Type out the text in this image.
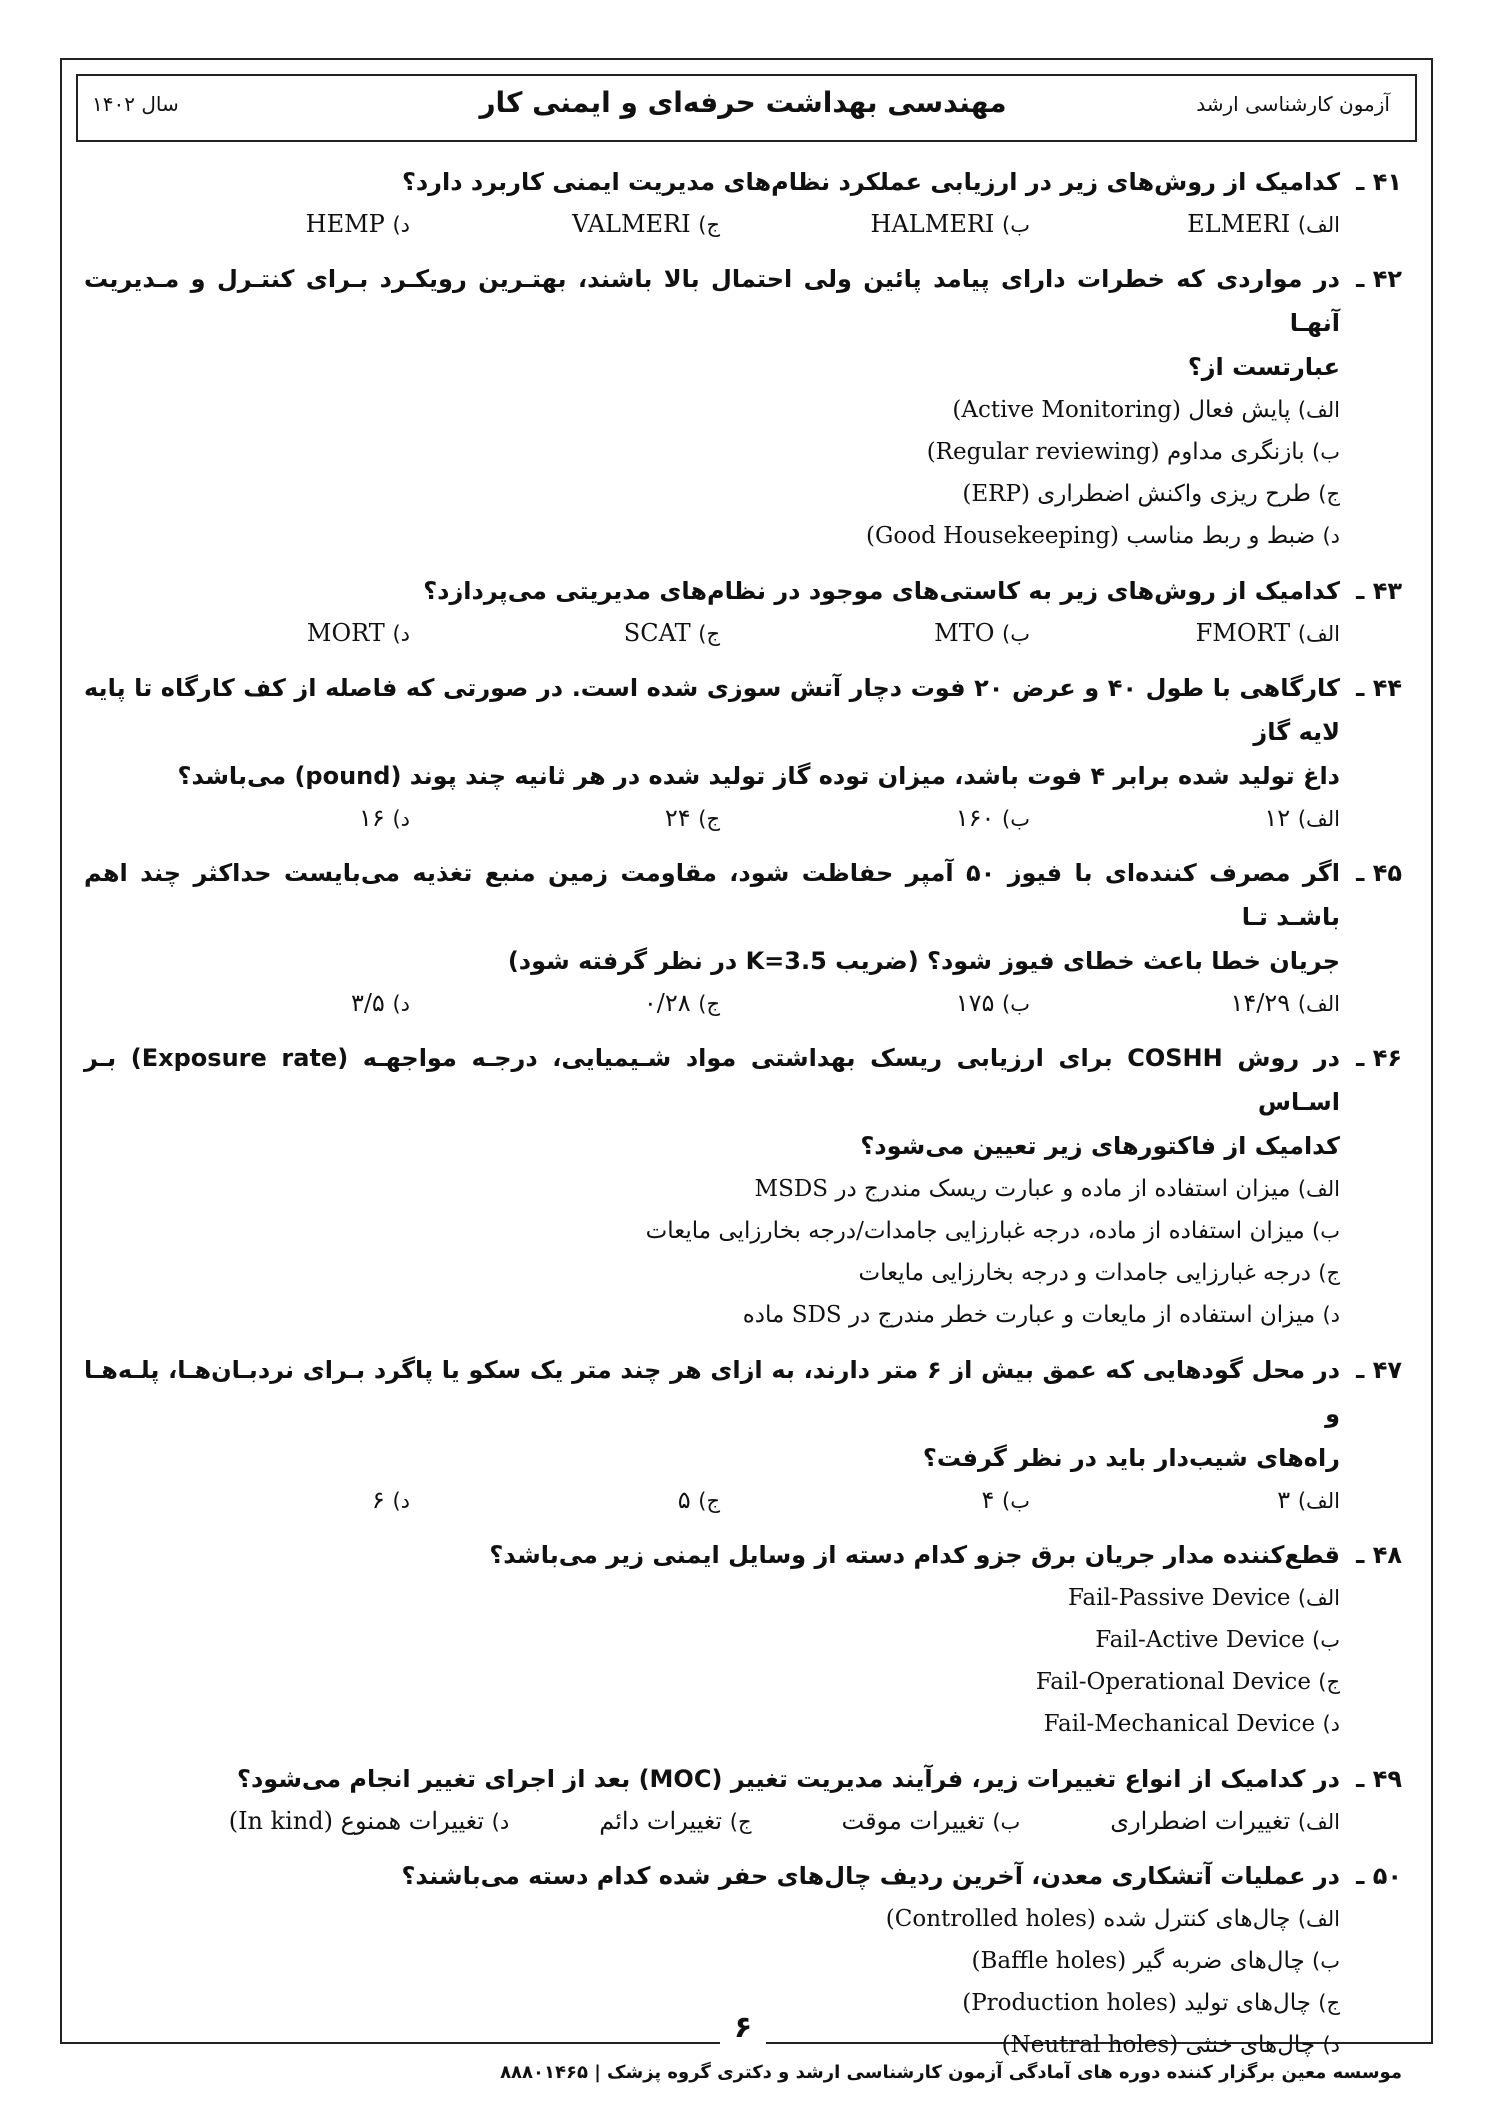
آزمون کارشناسی ارشد
مهندسی بهداشت حرفه‌ای و ایمنی کار
سال ۱۴۰۲
۴۱ ـ
کدامیک از روش‌های زیر در ارزیابی عملکرد نظام‌های مدیریت ایمنی کاربرد دارد؟
الف) ELMERI
ب) HALMERI
ج) VALMERI
د) HEMP
۴۲ ـ
در مواردی که خطرات دارای پیامد پائین ولی احتمال بالا باشند، بهتـرین رویکـرد بـرای کنتـرل و مـدیریت آنهـا
عبارتست از؟
الف) پایش فعال (Active Monitoring)
ب) بازنگری مداوم (Regular reviewing)
ج) طرح ریزی واکنش اضطراری (ERP)
د) ضبط و ربط مناسب (Good Housekeeping)
۴۳ ـ
کدامیک از روش‌های زیر به کاستی‌های موجود در نظام‌های مدیریتی می‌پردازد؟
الف) FMORT
ب) MTO
ج) SCAT
د) MORT
۴۴ ـ
کارگاهی با طول ۴۰ و عرض ۲۰ فوت دچار آتش سوزی شده است. در صورتی که فاصله از کف کارگاه تا پایه لایه گاز
داغ تولید شده برابر ۴ فوت باشد، میزان توده گاز تولید شده در هر ثانیه چند پوند (pound) می‌باشد؟
الف) ۱۲
ب) ۱۶۰
ج) ۲۴
د) ۱۶
۴۵ ـ
اگر مصرف کننده‌ای با فیوز ۵۰ آمپر حفاظت شود، مقاومت زمین منبع تغذیه می‌بایست حداکثر چند اهم باشـد تـا
جریان خطا باعث خطای فیوز شود؟ (ضریب K=3.5 در نظر گرفته شود)
الف) ۱۴/۲۹
ب) ۱۷۵
ج) ۰/۲۸
د) ۳/۵
۴۶ ـ
در روش COSHH برای ارزیابی ریسک بهداشتی مواد شـیمیایی، درجـه مواجهـه (Exposure rate) بـر اسـاس
کدامیک از فاکتورهای زیر تعیین می‌شود؟
الف) میزان استفاده از ماده و عبارت ریسک مندرج در MSDS
ب) میزان استفاده از ماده، درجه غبارزایی جامدات/درجه بخارزایی مایعات
ج) درجه غبارزایی جامدات و درجه بخارزایی مایعات
د) میزان استفاده از مایعات و عبارت خطر مندرج در SDS ماده
۴۷ ـ
در محل گودهایی که عمق بیش از ۶ متر دارند، به ازای هر چند متر یک سکو یا پاگرد بـرای نردبـان‌هـا، پلـه‌هـا و
راه‌های شیب‌دار باید در نظر گرفت؟
الف) ۳
ب) ۴
ج) ۵
د) ۶
۴۸ ـ
قطع‌کننده مدار جریان برق جزو کدام دسته از وسایل ایمنی زیر می‌باشد؟
الف) Fail-Passive Device
ب) Fail-Active Device
ج) Fail-Operational Device
د) Fail-Mechanical Device
۴۹ ـ
در کدامیک از انواع تغییرات زیر، فرآیند مدیریت تغییر (MOC) بعد از اجرای تغییر انجام می‌شود؟
الف) تغییرات اضطراری
ب) تغییرات موقت
ج) تغییرات دائم
د) تغییرات همنوع (In kind)
۵۰ ـ
در عملیات آتشکاری معدن، آخرین ردیف چال‌های حفر شده کدام دسته می‌باشند؟
الف) چال‌های کنترل شده (Controlled holes)
ب) چال‌های ضربه گیر (Baffle holes)
ج) چال‌های تولید (Production holes)
د) چال‌های خنثی (Neutral holes)
۶
موسسه معین برگزار کننده دوره های آمادگی آزمون کارشناسی ارشد و دکتری گروه پزشک | ۸۸۸۰۱۴۶۵
